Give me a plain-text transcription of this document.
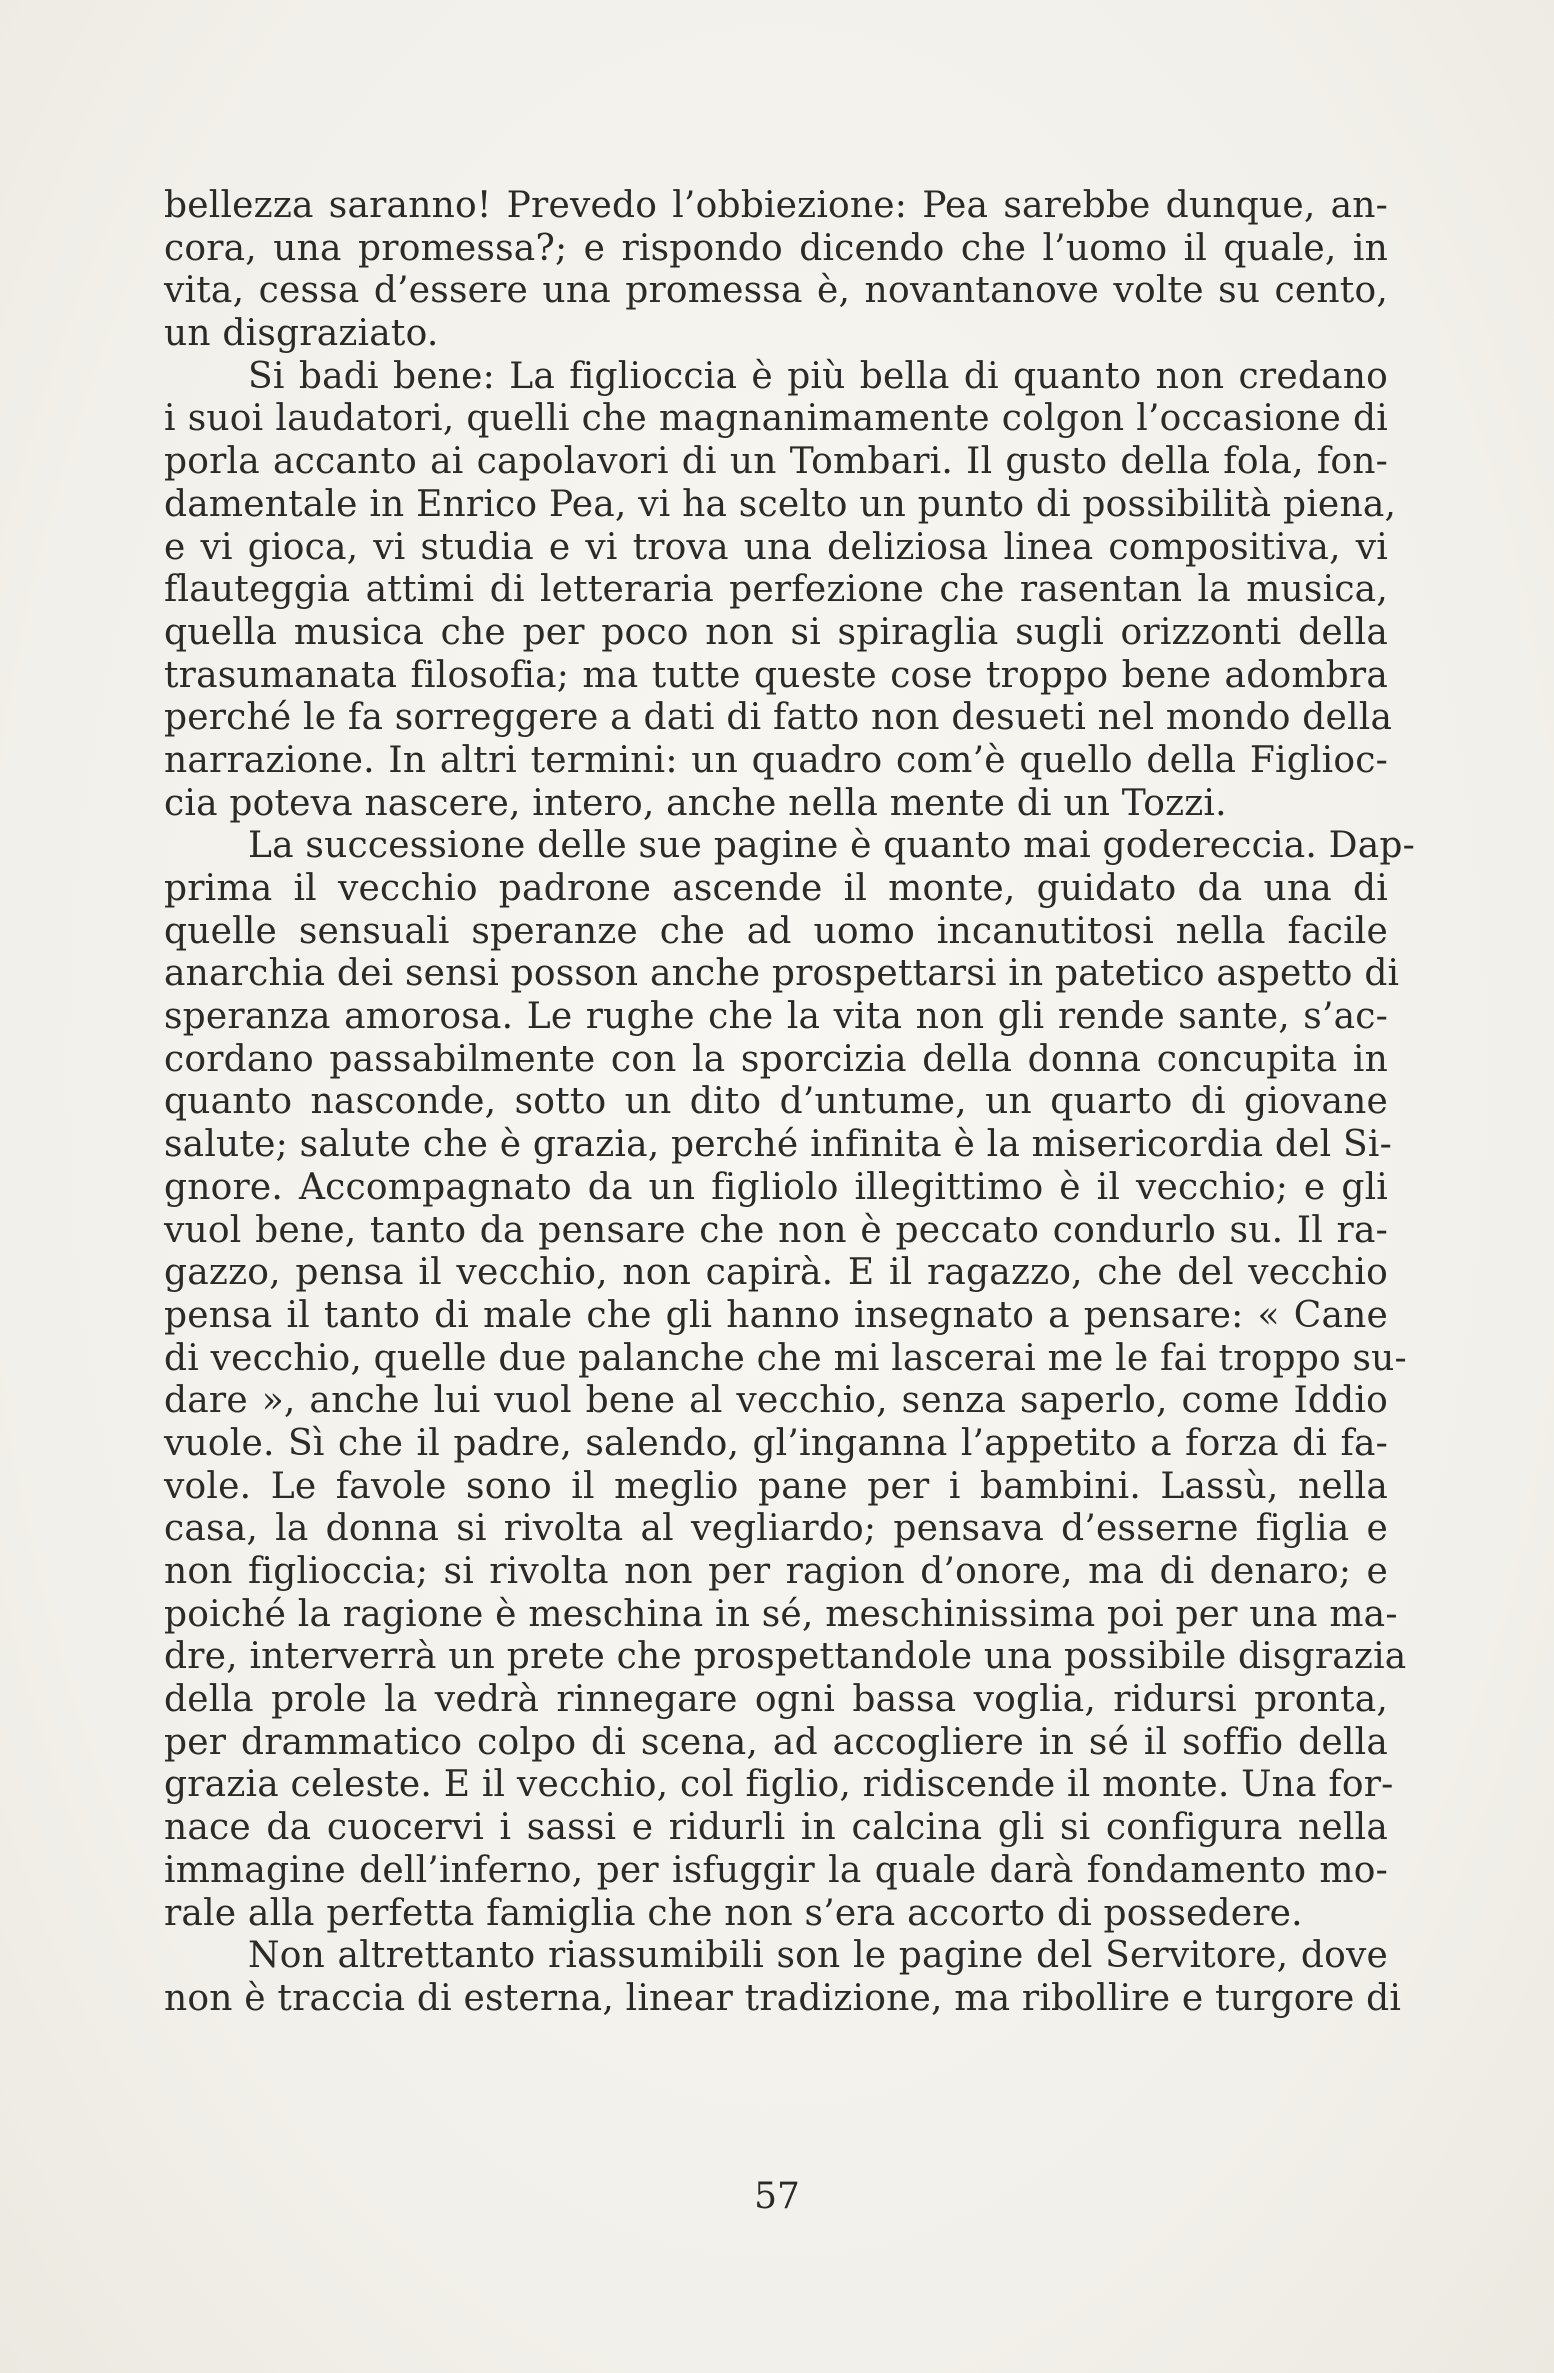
bellezza saranno! Prevedo l’obbiezione: Pea sarebbe dunque, an-
cora, una promessa?; e rispondo dicendo che l’uomo il quale, in
vita, cessa d’essere una promessa è, novantanove volte su cento,
un disgraziato.
Si badi bene: La figlioccia è più bella di quanto non credano
i suoi laudatori, quelli che magnanimamente colgon l’occasione di
porla accanto ai capolavori di un Tombari. Il gusto della fola, fon-
damentale in Enrico Pea, vi ha scelto un punto di possibilità piena,
e vi gioca, vi studia e vi trova una deliziosa linea compositiva, vi
flauteggia attimi di letteraria perfezione che rasentan la musica,
quella musica che per poco non si spiraglia sugli orizzonti della
trasumanata filosofia; ma tutte queste cose troppo bene adombra
perché le fa sorreggere a dati di fatto non desueti nel mondo della
narrazione. In altri termini: un quadro com’è quello della Figlioc-
cia poteva nascere, intero, anche nella mente di un Tozzi.
La successione delle sue pagine è quanto mai godereccia. Dap-
prima il vecchio padrone ascende il monte, guidato da una di
quelle sensuali speranze che ad uomo incanutitosi nella facile
anarchia dei sensi posson anche prospettarsi in patetico aspetto di
speranza amorosa. Le rughe che la vita non gli rende sante, s’ac-
cordano passabilmente con la sporcizia della donna concupita in
quanto nasconde, sotto un dito d’untume, un quarto di giovane
salute; salute che è grazia, perché infinita è la misericordia del Si-
gnore. Accompagnato da un figliolo illegittimo è il vecchio; e gli
vuol bene, tanto da pensare che non è peccato condurlo su. Il ra-
gazzo, pensa il vecchio, non capirà. E il ragazzo, che del vecchio
pensa il tanto di male che gli hanno insegnato a pensare: « Cane
di vecchio, quelle due palanche che mi lascerai me le fai troppo su-
dare », anche lui vuol bene al vecchio, senza saperlo, come Iddio
vuole. Sì che il padre, salendo, gl’inganna l’appetito a forza di fa-
vole. Le favole sono il meglio pane per i bambini. Lassù, nella
casa, la donna si rivolta al vegliardo; pensava d’esserne figlia e
non figlioccia; si rivolta non per ragion d’onore, ma di denaro; e
poiché la ragione è meschina in sé, meschinissima poi per una ma-
dre, interverrà un prete che prospettandole una possibile disgrazia
della prole la vedrà rinnegare ogni bassa voglia, ridursi pronta,
per drammatico colpo di scena, ad accogliere in sé il soffio della
grazia celeste. E il vecchio, col figlio, ridiscende il monte. Una for-
nace da cuocervi i sassi e ridurli in calcina gli si configura nella
immagine dell’inferno, per isfuggir la quale darà fondamento mo-
rale alla perfetta famiglia che non s’era accorto di possedere.
Non altrettanto riassumibili son le pagine del Servitore, dove
non è traccia di esterna, linear tradizione, ma ribollire e turgore di
57
